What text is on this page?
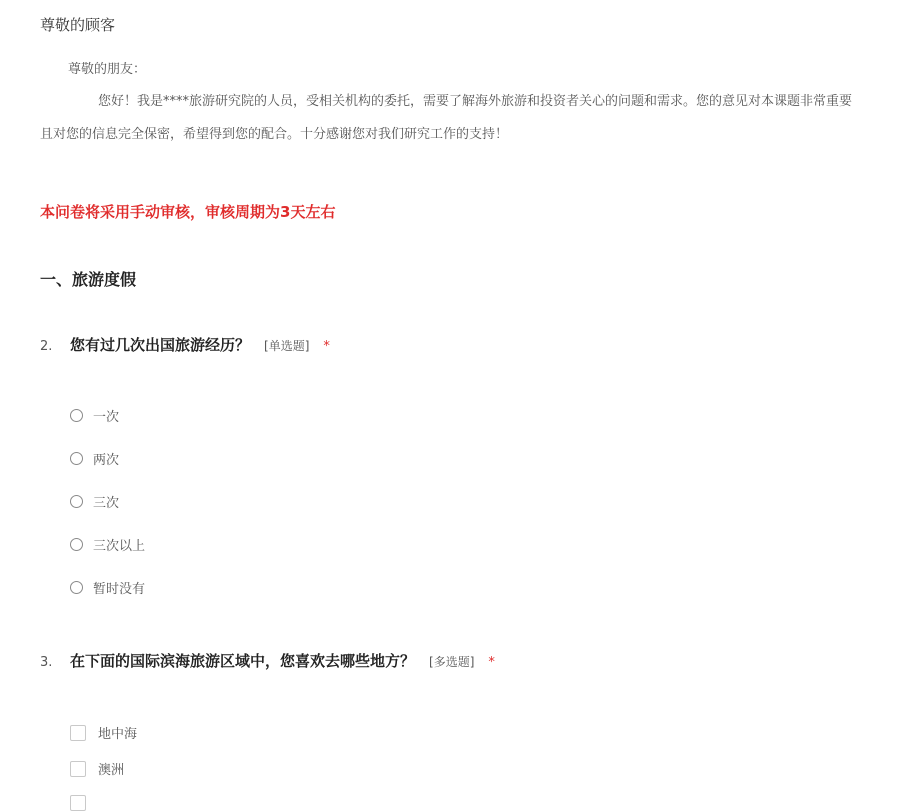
尊敬的顾客
尊敬的朋友：
您好！我是****旅游研究院的人员，受相关机构的委托，需要了解海外旅游和投资者关心的问题和需求。您的意见对本课题非常重要
且对您的信息完全保密，希望得到您的配合。十分感谢您对我们研究工作的支持！
本问卷将采用手动审核，审核周期为3天左右
一、旅游度假
2.	您有过几次出国旅游经历？ [单选题] *
一次
两次
三次
三次以上
暂时没有
3.	在下面的国际滨海旅游区域中，您喜欢去哪些地方？ [多选题] *
地中海
澳洲
